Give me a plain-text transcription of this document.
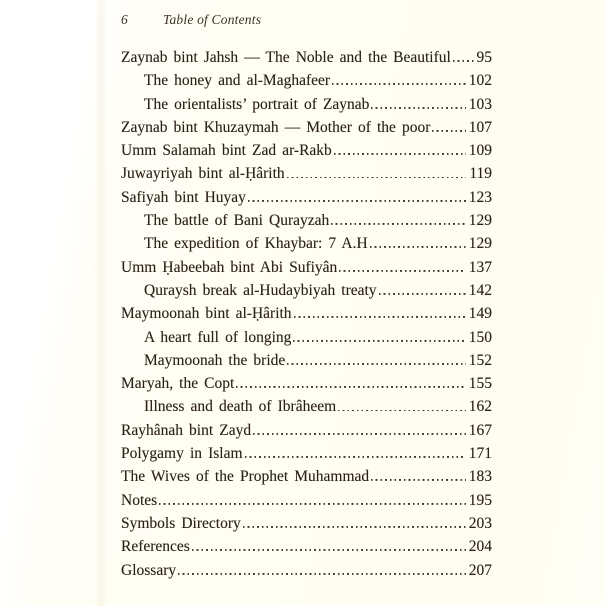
6	Table of Contents
Zaynab bint Jahsh — The Noble and the Beautiful 95
The honey and al-Maghafeer	102
The orientalists’ portrait of Zaynab	103
Zaynab bint Khuzaymah — Mother of the poor 107
Umm Salamah bint Zad ar-Rakb	109
Juwayriyah bint al-Ḥârith	119
Safiyah bint Huyay	123
The battle of Bani Qurayzah	129
The expedition of Khaybar: 7 A.H	129
Umm Ḥabeebah bint Abi Sufiyân	137
Quraysh break al-Hudaybiyah treaty	142
Maymoonah bint al-Ḥârith	149
A heart full of longing	150
Maymoonah the bride	152
Maryah, the Copt	155
Illness and death of Ibrâheem	162
Rayhânah bint Zayd	167
Polygamy in Islam	171
The Wives of the Prophet Muhammad	183
Notes	195
Symbols Directory	203
References	204
Glossary	207
